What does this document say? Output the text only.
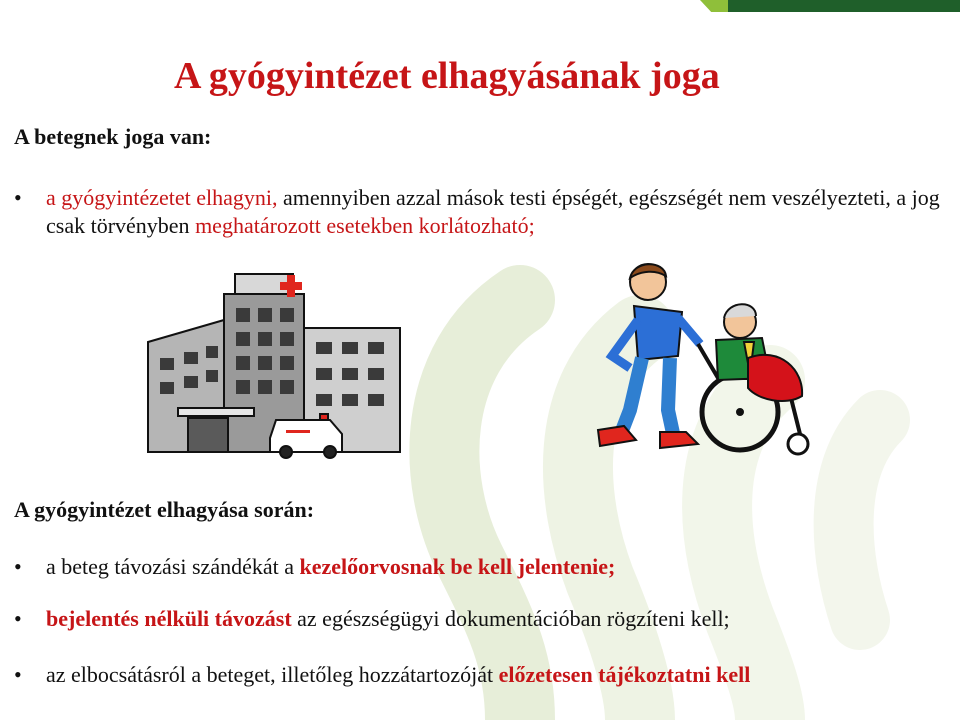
A gyógyintézet elhagyásának joga
A betegnek joga van:
• a gyógyintézetet elhagyni, amennyiben azzal mások testi épségét, egészségét nem veszélyezteti, a jog csak törvényben meghatározott esetekben korlátozható;
A gyógyintézet elhagyása során:
• a beteg távozási szándékát a kezelőorvosnak be kell jelentenie;
• bejelentés nélküli távozást az egészségügyi dokumentációban rögzíteni kell;
• az elbocsátásról a beteget, illetőleg hozzátartozóját előzetesen tájékoztatni kell
